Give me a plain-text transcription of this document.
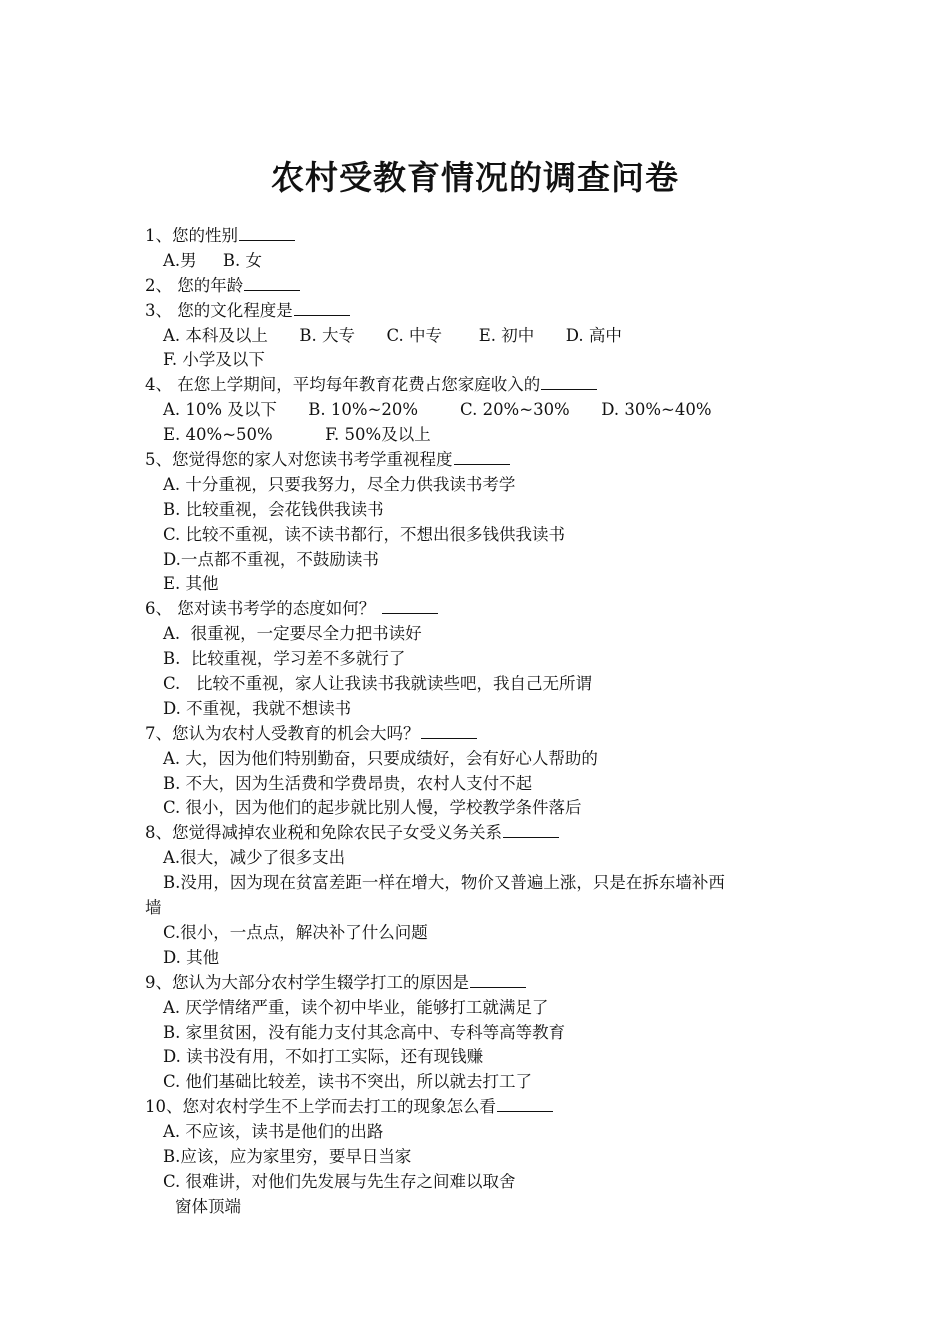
农村受教育情况的调查问卷
1、您的性别
A.男     B. 女
2、 您的年龄
3、 您的文化程度是
A. 本科及以上      B. 大专      C. 中专       E. 初中      D. 高中
F. 小学及以下
4、 在您上学期间，平均每年教育花费占您家庭收入的
A. 10% 及以下      B. 10%~20%        C. 20%~30%      D. 30%~40%
E. 40%~50%          F. 50%及以上
5、您觉得您的家人对您读书考学重视程度
A. 十分重视，只要我努力，尽全力供我读书考学
B. 比较重视，会花钱供我读书
C. 比较不重视，读不读书都行，不想出很多钱供我读书
D.一点都不重视，不鼓励读书
E. 其他
6、 您对读书考学的态度如何？
A.  很重视，一定要尽全力把书读好
B.  比较重视，学习差不多就行了
C.   比较不重视，家人让我读书我就读些吧，我自己无所谓
D. 不重视，我就不想读书
7、您认为农村人受教育的机会大吗？
A. 大，因为他们特别勤奋，只要成绩好，会有好心人帮助的
B. 不大，因为生活费和学费昂贵，农村人支付不起
C. 很小，因为他们的起步就比别人慢，学校教学条件落后
8、您觉得减掉农业税和免除农民子女受义务关系
A.很大，减少了很多支出
B.没用，因为现在贫富差距一样在增大，物价又普遍上涨，只是在拆东墙补西
墙
C.很小，一点点，解决补了什么问题
D. 其他
9、您认为大部分农村学生辍学打工的原因是
A. 厌学情绪严重，读个初中毕业，能够打工就满足了
B. 家里贫困，没有能力支付其念高中、专科等高等教育
D. 读书没有用，不如打工实际，还有现钱赚
C. 他们基础比较差，读书不突出，所以就去打工了
10、您对农村学生不上学而去打工的现象怎么看
A. 不应该，读书是他们的出路
B.应该，应为家里穷，要早日当家
C. 很难讲，对他们先发展与先生存之间难以取舍
窗体顶端
